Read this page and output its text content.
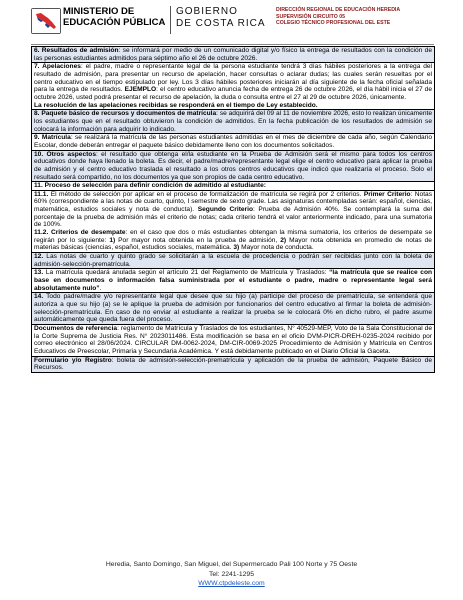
MINISTERIO DE
EDUCACIÓN PÚBLICA
GOBIERNO
DE COSTA RICA
DIRECCIÓN REGIONAL DE EDUCACIÓN HEREDIA
SUPERVISIÓN CIRCUITO 05
COLEGIO TÉCNICO PROFESIONAL DEL ESTE
6. Resultados de admisión: se informará por medio de un comunicado digital y/o físico la entrega de resultados con la condición de las personas estudiantes admitidos para séptimo año el 26 de octubre 2026.
7. Apelaciones: el padre, madre o representante legal de la persona estudiante tendrá 3 días hábiles posteriores a la entrega del resultado de admisión, para presentar un recurso de apelación, hacer consultas o aclarar dudas; las cuales serán resueltas por el centro educativo en el tiempo estipulado por ley. Los 3 días hábiles posteriores iniciarán al día siguiente de la fecha oficial señalada para la entrega de resultados. EJEMPLO: el centro educativo anuncia fecha de entrega 26 de octubre 2026, el día hábil inicia el 27 de octubre 2026, usted podrá presentar el recurso de apelación, la duda o consulta entre el 27 al 29 de octubre 2026, únicamente.
La resolución de las apelaciones recibidas se responderá en el tiempo de Ley establecido.
8. Paquete básico de recursos y documentos de matrícula: se adquirirá del 09 al 11 de noviembre 2026, esto lo realizan únicamente los estudiantes que en el resultado obtuvieron la condición de admitidos. En la fecha publicación de los resultados de admisión se colocará la información para adquirir lo indicado.
9. Matrícula: se realizará la matrícula de las personas estudiantes admitidas en el mes de diciembre de cada año, según Calendario Escolar, donde deberán entregar el paquete básico debidamente lleno con los documentos solicitados.
10. Otros aspectos: el resultado que obtenga el/la estudiante en la Prueba de Admisión será el mismo para todos los centros educativos donde haya llenado la boleta. Es decir, el padre/madre/representante legal elige el centro educativo para aplicar la prueba de admisión y el centro educativo traslada el resultado a los otros centros educativos que indicó que realizaría el proceso. Solo el resultado será compartido, no los documentos ya que son propios de cada centro educativo.
11. Proceso de selección para definir condición de admitido al estudiante:
11.1. El método de selección por aplicar en el proceso de formalización de matrícula se regirá por 2 criterios. Primer Criterio: Notas 60% (correspondiente a las notas de cuarto, quinto, I semestre de sexto grade. Las asignaturas contempladas serán: español, ciencias, matemática, estudios sociales y nota de conducta). Segundo Criterio: Prueba de Admisión 40%. Se contemplará la suma del porcentaje de la prueba de admisión más el criterio de notas; cada criterio tendrá el valor anteriormente indicado, para una sumatoria de 100%.
11.2. Criterios de desempate: en el caso que dos o más estudiantes obtengan la misma sumatoria, los criterios de desempate se regirán por lo siguiente: 1) Por mayor nota obtenida en la prueba de admisión, 2) Mayor nota obtenida en promedio de notas de materias básicas (ciencias, español, estudios sociales, matemática. 3) Mayor nota de conducta.
12. Las notas de cuarto y quinto grado se solicitarán a la escuela de procedencia o podrán ser recibidas junto con la boleta de admisión-selección-prematrícula.
13. La matrícula quedará anulada según el artículo 21 del Reglamento de Matrícula y Traslados: “la matrícula que se realice con base en documentos o información falsa suministrada por el estudiante o padre, madre o representante legal será absolutamente nulo”.
14. Todo padre/madre y/o representante legal que desee que su hijo (a) participe del proceso de prematrícula, se entenderá que autoriza a que su hijo (a) se le aplique la prueba de admisión por funcionarios del centro educativo al firmar la boleta de admisión-selección-prematrícula. En caso de no enviar al estudiante a realizar la prueba se le colocará 0% en dicho rubro, el padre asume automáticamente que queda fuera del proceso.
Documentos de referencia: reglamento de Matrícula y Traslados de los estudiantes, N° 40529-MEP, Voto de la Sala Constitucional de la Corte Suprema de Justicia Res. N° 2023011486. Esta modificación se basa en el oficio DVM-PICR-DREH-0235-2024 recibido por correo electrónico el 28/06/2024. CIRCULAR DM-0062-2024, DM-CIR-0069-2025 Procedimiento de Admisión y Matrícula en Centros Educativos de Preescolar, Primaria y Secundaria Académica. Y está debidamente publicado en el Diario Oficial la Gaceta.
Formulario y/o Registro: boleta de admisión-selección-prematrícula y aplicación de la prueba de admisión, Paquete Básico de Recursos.
Heredia, Santo Domingo, San Miguel, del Supermercado Pali 100 Norte y 75 Oeste
Tel: 2241-1295
WWW.ctpdeleste.com
